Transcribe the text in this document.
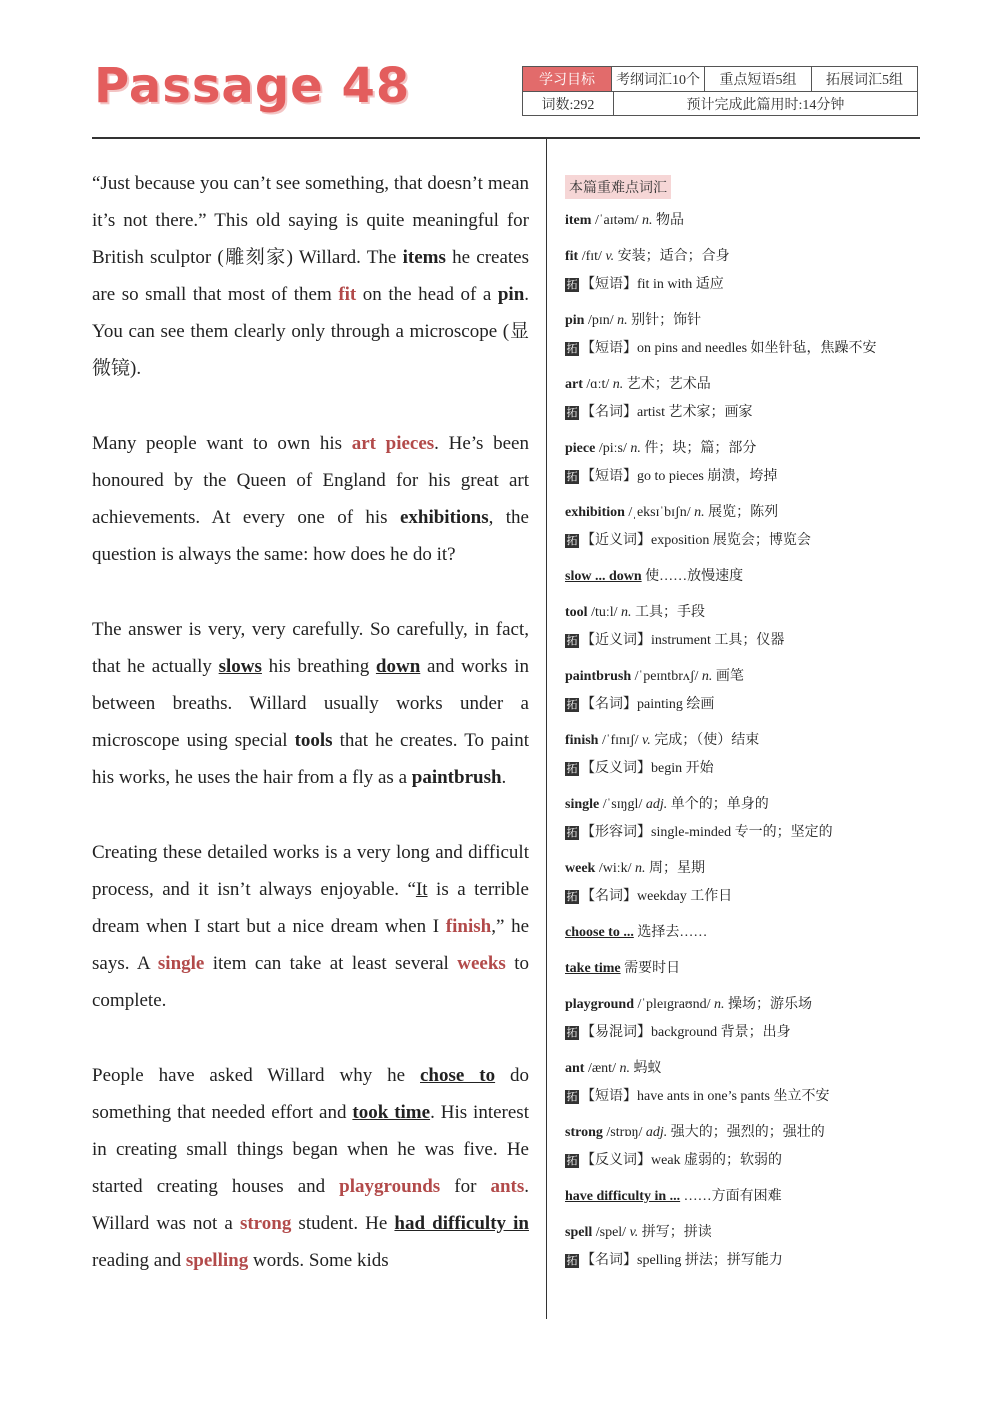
Passage 48	学习目标	考纲词汇10个	重点短语5组	拓展词汇5组
词数:292	预计完成此篇用时:14分钟

“Just because you can’t see something, that doesn’t mean it’s not there.” This old saying is quite meaningful for British sculptor (雕刻家) Willard. The items he creates are so small that most of them fit on the head of a pin. You can see them clearly only through a microscope (显微镜).

Many people want to own his art pieces. He’s been honoured by the Queen of England for his great art achievements. At every one of his exhibitions, the question is always the same: how does he do it?

The answer is very, very carefully. So carefully, in fact, that he actually slows his breathing down and works in between breaths. Willard usually works under a microscope using special tools that he creates. To paint his works, he uses the hair from a fly as a paintbrush.

Creating these detailed works is a very long and difficult process, and it isn’t always enjoyable. “It is a terrible dream when I start but a nice dream when I finish,” he says. A single item can take at least several weeks to complete.

People have asked Willard why he chose to do something that needed effort and took time. His interest in creating small things began when he was five. He started creating houses and playgrounds for ants. Willard was not a strong student. He had difficulty in reading and spelling words. Some kids

本篇重难点词汇
item /ˈaɪtəm/ n. 物品
fit /fɪt/ v. 安装；适合；合身
拓 【短语】fit in with 适应
pin /pɪn/ n. 别针；饰针
拓 【短语】on pins and needles 如坐针毡，焦躁不安
art /ɑːt/ n. 艺术；艺术品
拓 【名词】artist 艺术家；画家
piece /piːs/ n. 件；块；篇；部分
拓 【短语】go to pieces 崩溃，垮掉
exhibition /ˌeksɪˈbɪʃn/ n. 展览；陈列
拓 【近义词】exposition 展览会；博览会
slow ... down 使……放慢速度
tool /tuːl/ n. 工具；手段
拓 【近义词】instrument 工具；仪器
paintbrush /ˈpeɪntbrʌʃ/ n. 画笔
拓 【名词】painting 绘画
finish /ˈfɪnɪʃ/ v. 完成；（使）结束
拓 【反义词】begin 开始
single /ˈsɪŋgl/ adj. 单个的；单身的
拓 【形容词】single-minded 专一的；坚定的
week /wiːk/ n. 周；星期
拓 【名词】weekday 工作日
choose to ... 选择去……
take time 需要时日
playground /ˈpleɪgraʊnd/ n. 操场；游乐场
拓 【易混词】background 背景；出身
ant /ænt/ n. 蚂蚁
拓 【短语】have ants in one’s pants 坐立不安
strong /strɒŋ/ adj. 强大的；强烈的；强壮的
拓 【反义词】weak 虚弱的；软弱的
have difficulty in ... ……方面有困难
spell /spel/ v. 拼写；拼读
拓 【名词】spelling 拼法；拼写能力
